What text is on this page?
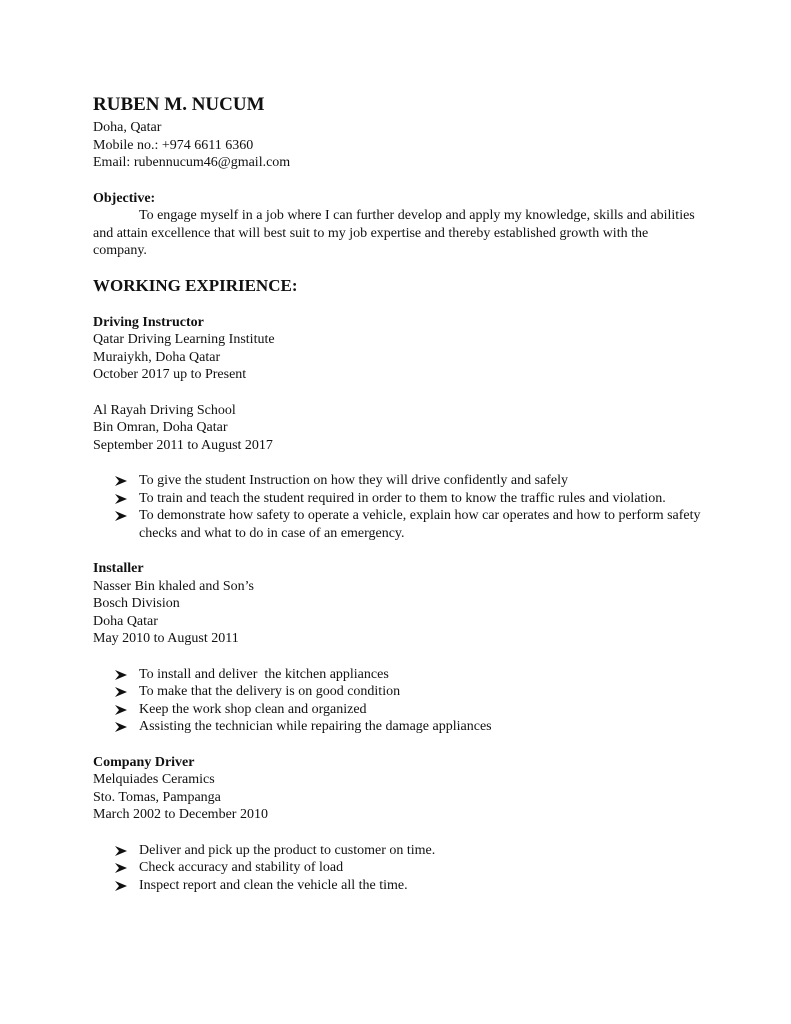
RUBEN M. NUCUM
Doha, Qatar
Mobile no.: +974 6611 6360
Email: rubennucum46@gmail.com
Objective:

To engage myself in a job where I can further develop and apply my knowledge, skills and abilities and attain excellence that will best suit to my job expertise and thereby established growth with the company.

WORKING EXPIRIENCE:
Driving Instructor
Qatar Driving Learning Institute
Muraiykh, Doha Qatar
October 2017 up to Present
Al Rayah Driving School
Bin Omran, Doha Qatar
September 2011 to August 2017
To give the student Instruction on how they will drive confidently and safely
To train and teach the student required in order to them to know the traffic rules and violation.
To demonstrate how safety to operate a vehicle, explain how car operates and how to perform safety checks and what to do in case of an emergency.
Installer
Nasser Bin khaled and Son’s
Bosch Division
Doha Qatar
May 2010 to August 2011
To install and deliver  the kitchen appliances
To make that the delivery is on good condition
Keep the work shop clean and organized
Assisting the technician while repairing the damage appliances
Company Driver
Melquiades Ceramics
Sto. Tomas, Pampanga
March 2002 to December 2010
Deliver and pick up the product to customer on time.
Check accuracy and stability of load
Inspect report and clean the vehicle all the time.
